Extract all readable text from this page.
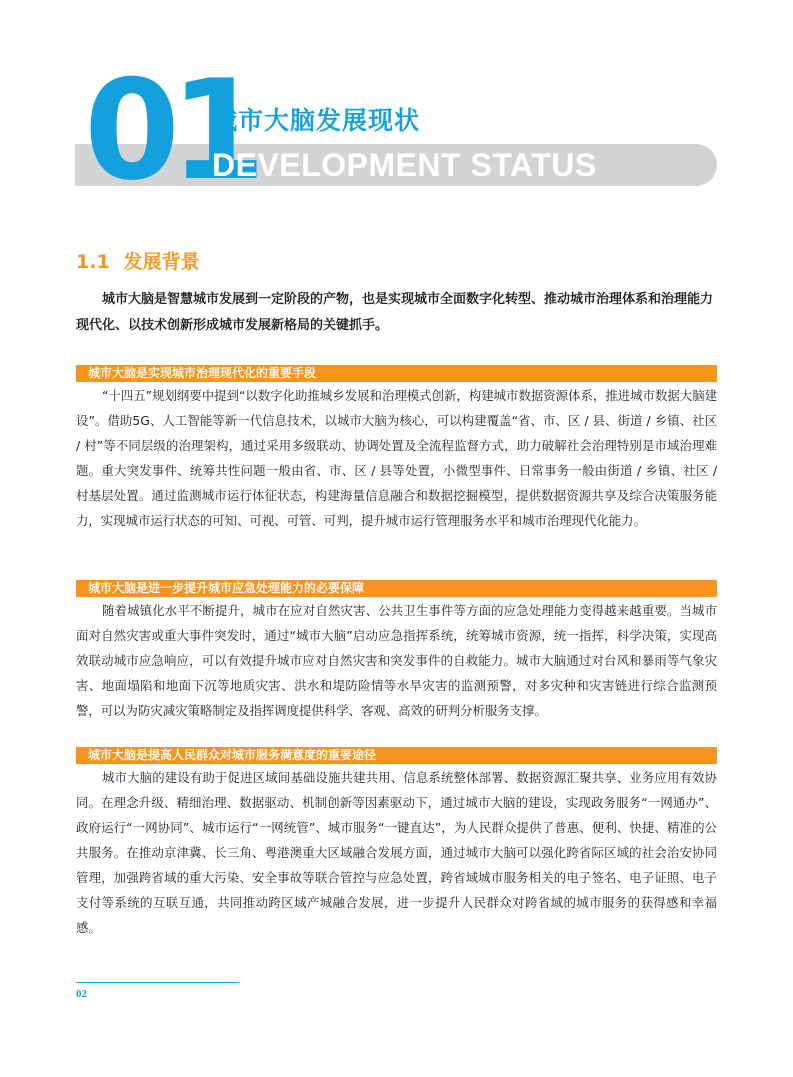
01
城市大脑发展现状
DEVELOPMENT STATUS
1.1 发展背景

城市大脑是智慧城市发展到一定阶段的产物，也是实现城市全面数字化转型、推动城市治理体系和治理能力现代化、以技术创新形成城市发展新格局的关键抓手。

城市大脑是实现城市治理现代化的重要手段

“十四五”规划纲要中提到“以数字化助推城乡发展和治理模式创新，构建城市数据资源体系，推进城市数据大脑建设”。借助5G、人工智能等新一代信息技术，以城市大脑为核心，可以构建覆盖“省、市、区 / 县、街道 / 乡镇、社区 / 村”等不同层级的治理架构，通过采用多级联动、协调处置及全流程监督方式，助力破解社会治理特别是市域治理难题。重大突发事件、统筹共性问题一般由省、市、区 / 县等处置，小微型事件、日常事务一般由街道 / 乡镇、社区 / 村基层处置。通过监测城市运行体征状态，构建海量信息融合和数据挖掘模型，提供数据资源共享及综合决策服务能力，实现城市运行状态的可知、可视、可管、可判，提升城市运行管理服务水平和城市治理现代化能力。

城市大脑是进一步提升城市应急处理能力的必要保障

随着城镇化水平不断提升，城市在应对自然灾害、公共卫生事件等方面的应急处理能力变得越来越重要。当城市面对自然灾害或重大事件突发时，通过“城市大脑”启动应急指挥系统，统筹城市资源，统一指挥，科学决策，实现高效联动城市应急响应，可以有效提升城市应对自然灾害和突发事件的自救能力。城市大脑通过对台风和暴雨等气象灾害、地面塌陷和地面下沉等地质灾害、洪水和堤防险情等水旱灾害的监测预警，对多灾种和灾害链进行综合监测预警，可以为防灾减灾策略制定及指挥调度提供科学、客观、高效的研判分析服务支撑。

城市大脑是提高人民群众对城市服务满意度的重要途径

城市大脑的建设有助于促进区域间基础设施共建共用、信息系统整体部署、数据资源汇聚共享、业务应用有效协同。在理念升级、精细治理、数据驱动、机制创新等因素驱动下，通过城市大脑的建设，实现政务服务“一网通办”、政府运行“一网协同”、城市运行“一网统管”、城市服务“一键直达”，为人民群众提供了普惠、便利、快捷、精准的公共服务。在推动京津冀、长三角、粤港澳重大区域融合发展方面，通过城市大脑可以强化跨省际区域的社会治安协同管理，加强跨省域的重大污染、安全事故等联合管控与应急处置，跨省域城市服务相关的电子签名、电子证照、电子支付等系统的互联互通，共同推动跨区域产城融合发展，进一步提升人民群众对跨省域的城市服务的获得感和幸福感。

02
